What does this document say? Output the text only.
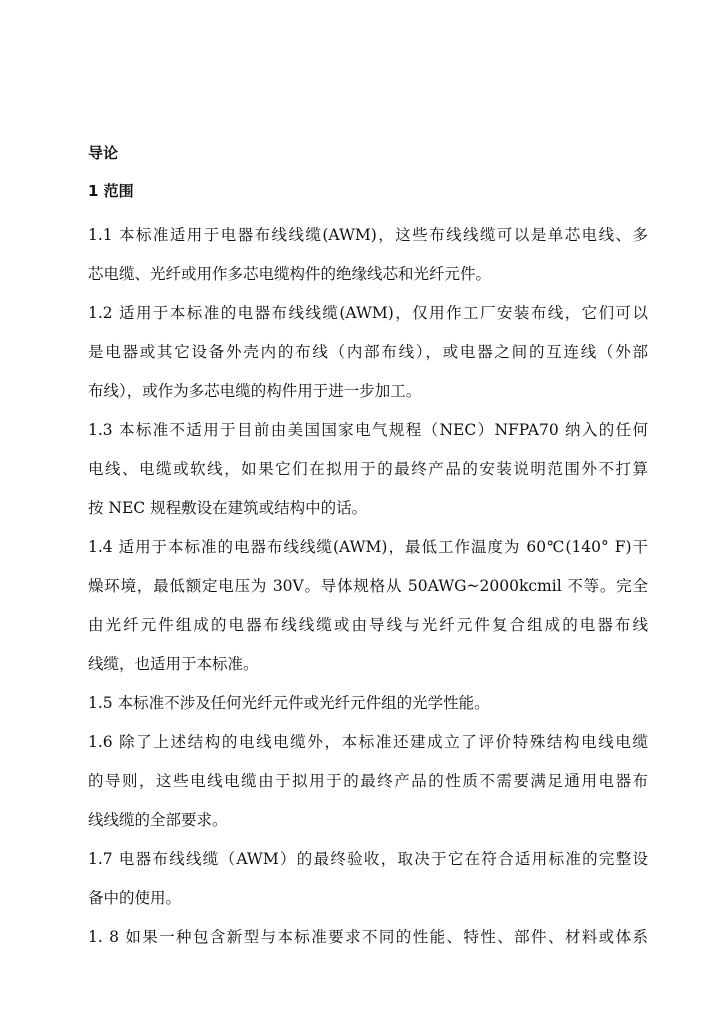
导论
1 范围
1.1 本标准适用于电器布线线缆(AWM)，这些布线线缆可以是单芯电线、多
芯电缆、光纤或用作多芯电缆构件的绝缘线芯和光纤元件。
1.2 适用于本标准的电器布线线缆(AWM)，仅用作工厂安装布线，它们可以
是电器或其它设备外壳内的布线（内部布线），或电器之间的互连线（外部
布线），或作为多芯电缆的构件用于进一步加工。
1.3 本标准不适用于目前由美国国家电气规程（NEC）NFPA70 纳入的任何
电线、电缆或软线，如果它们在拟用于的最终产品的安装说明范围外不打算
按 NEC 规程敷设在建筑或结构中的话。
1.4 适用于本标准的电器布线线缆(AWM)，最低工作温度为 60℃(140° F)干
燥环境，最低额定电压为 30V。导体规格从 50AWG~2000kcmil 不等。完全
由光纤元件组成的电器布线线缆或由导线与光纤元件复合组成的电器布线
线缆，也适用于本标准。
1.5 本标准不涉及任何光纤元件或光纤元件组的光学性能。
1.6 除了上述结构的电线电缆外，本标准还建成立了评价特殊结构电线电缆
的导则，这些电线电缆由于拟用于的最终产品的性质不需要满足通用电器布
线线缆的全部要求。
1.7 电器布线线缆（AWM）的最终验收，取决于它在符合适用标准的完整设
备中的使用。
1. 8 如果一种包含新型与本标准要求不同的性能、特性、部件、材料或体系
